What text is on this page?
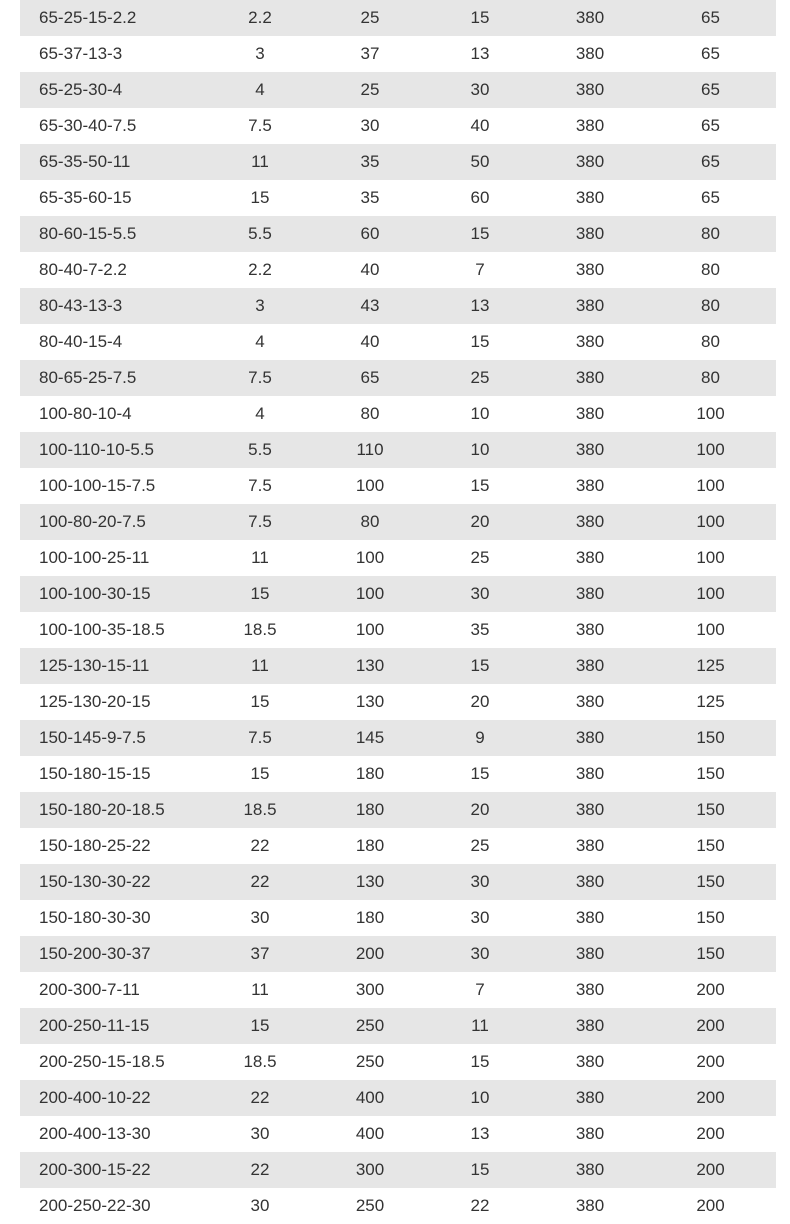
65-25-15-2.2	2.2	25	15	380	65
65-37-13-3	3	37	13	380	65
65-25-30-4	4	25	30	380	65
65-30-40-7.5	7.5	30	40	380	65
65-35-50-11	11	35	50	380	65
65-35-60-15	15	35	60	380	65
80-60-15-5.5	5.5	60	15	380	80
80-40-7-2.2	2.2	40	7	380	80
80-43-13-3	3	43	13	380	80
80-40-15-4	4	40	15	380	80
80-65-25-7.5	7.5	65	25	380	80
100-80-10-4	4	80	10	380	100
100-110-10-5.5	5.5	110	10	380	100
100-100-15-7.5	7.5	100	15	380	100
100-80-20-7.5	7.5	80	20	380	100
100-100-25-11	11	100	25	380	100
100-100-30-15	15	100	30	380	100
100-100-35-18.5	18.5	100	35	380	100
125-130-15-11	11	130	15	380	125
125-130-20-15	15	130	20	380	125
150-145-9-7.5	7.5	145	9	380	150
150-180-15-15	15	180	15	380	150
150-180-20-18.5	18.5	180	20	380	150
150-180-25-22	22	180	25	380	150
150-130-30-22	22	130	30	380	150
150-180-30-30	30	180	30	380	150
150-200-30-37	37	200	30	380	150
200-300-7-11	11	300	7	380	200
200-250-11-15	15	250	11	380	200
200-250-15-18.5	18.5	250	15	380	200
200-400-10-22	22	400	10	380	200
200-400-13-30	30	400	13	380	200
200-300-15-22	22	300	15	380	200
200-250-22-30	30	250	22	380	200
